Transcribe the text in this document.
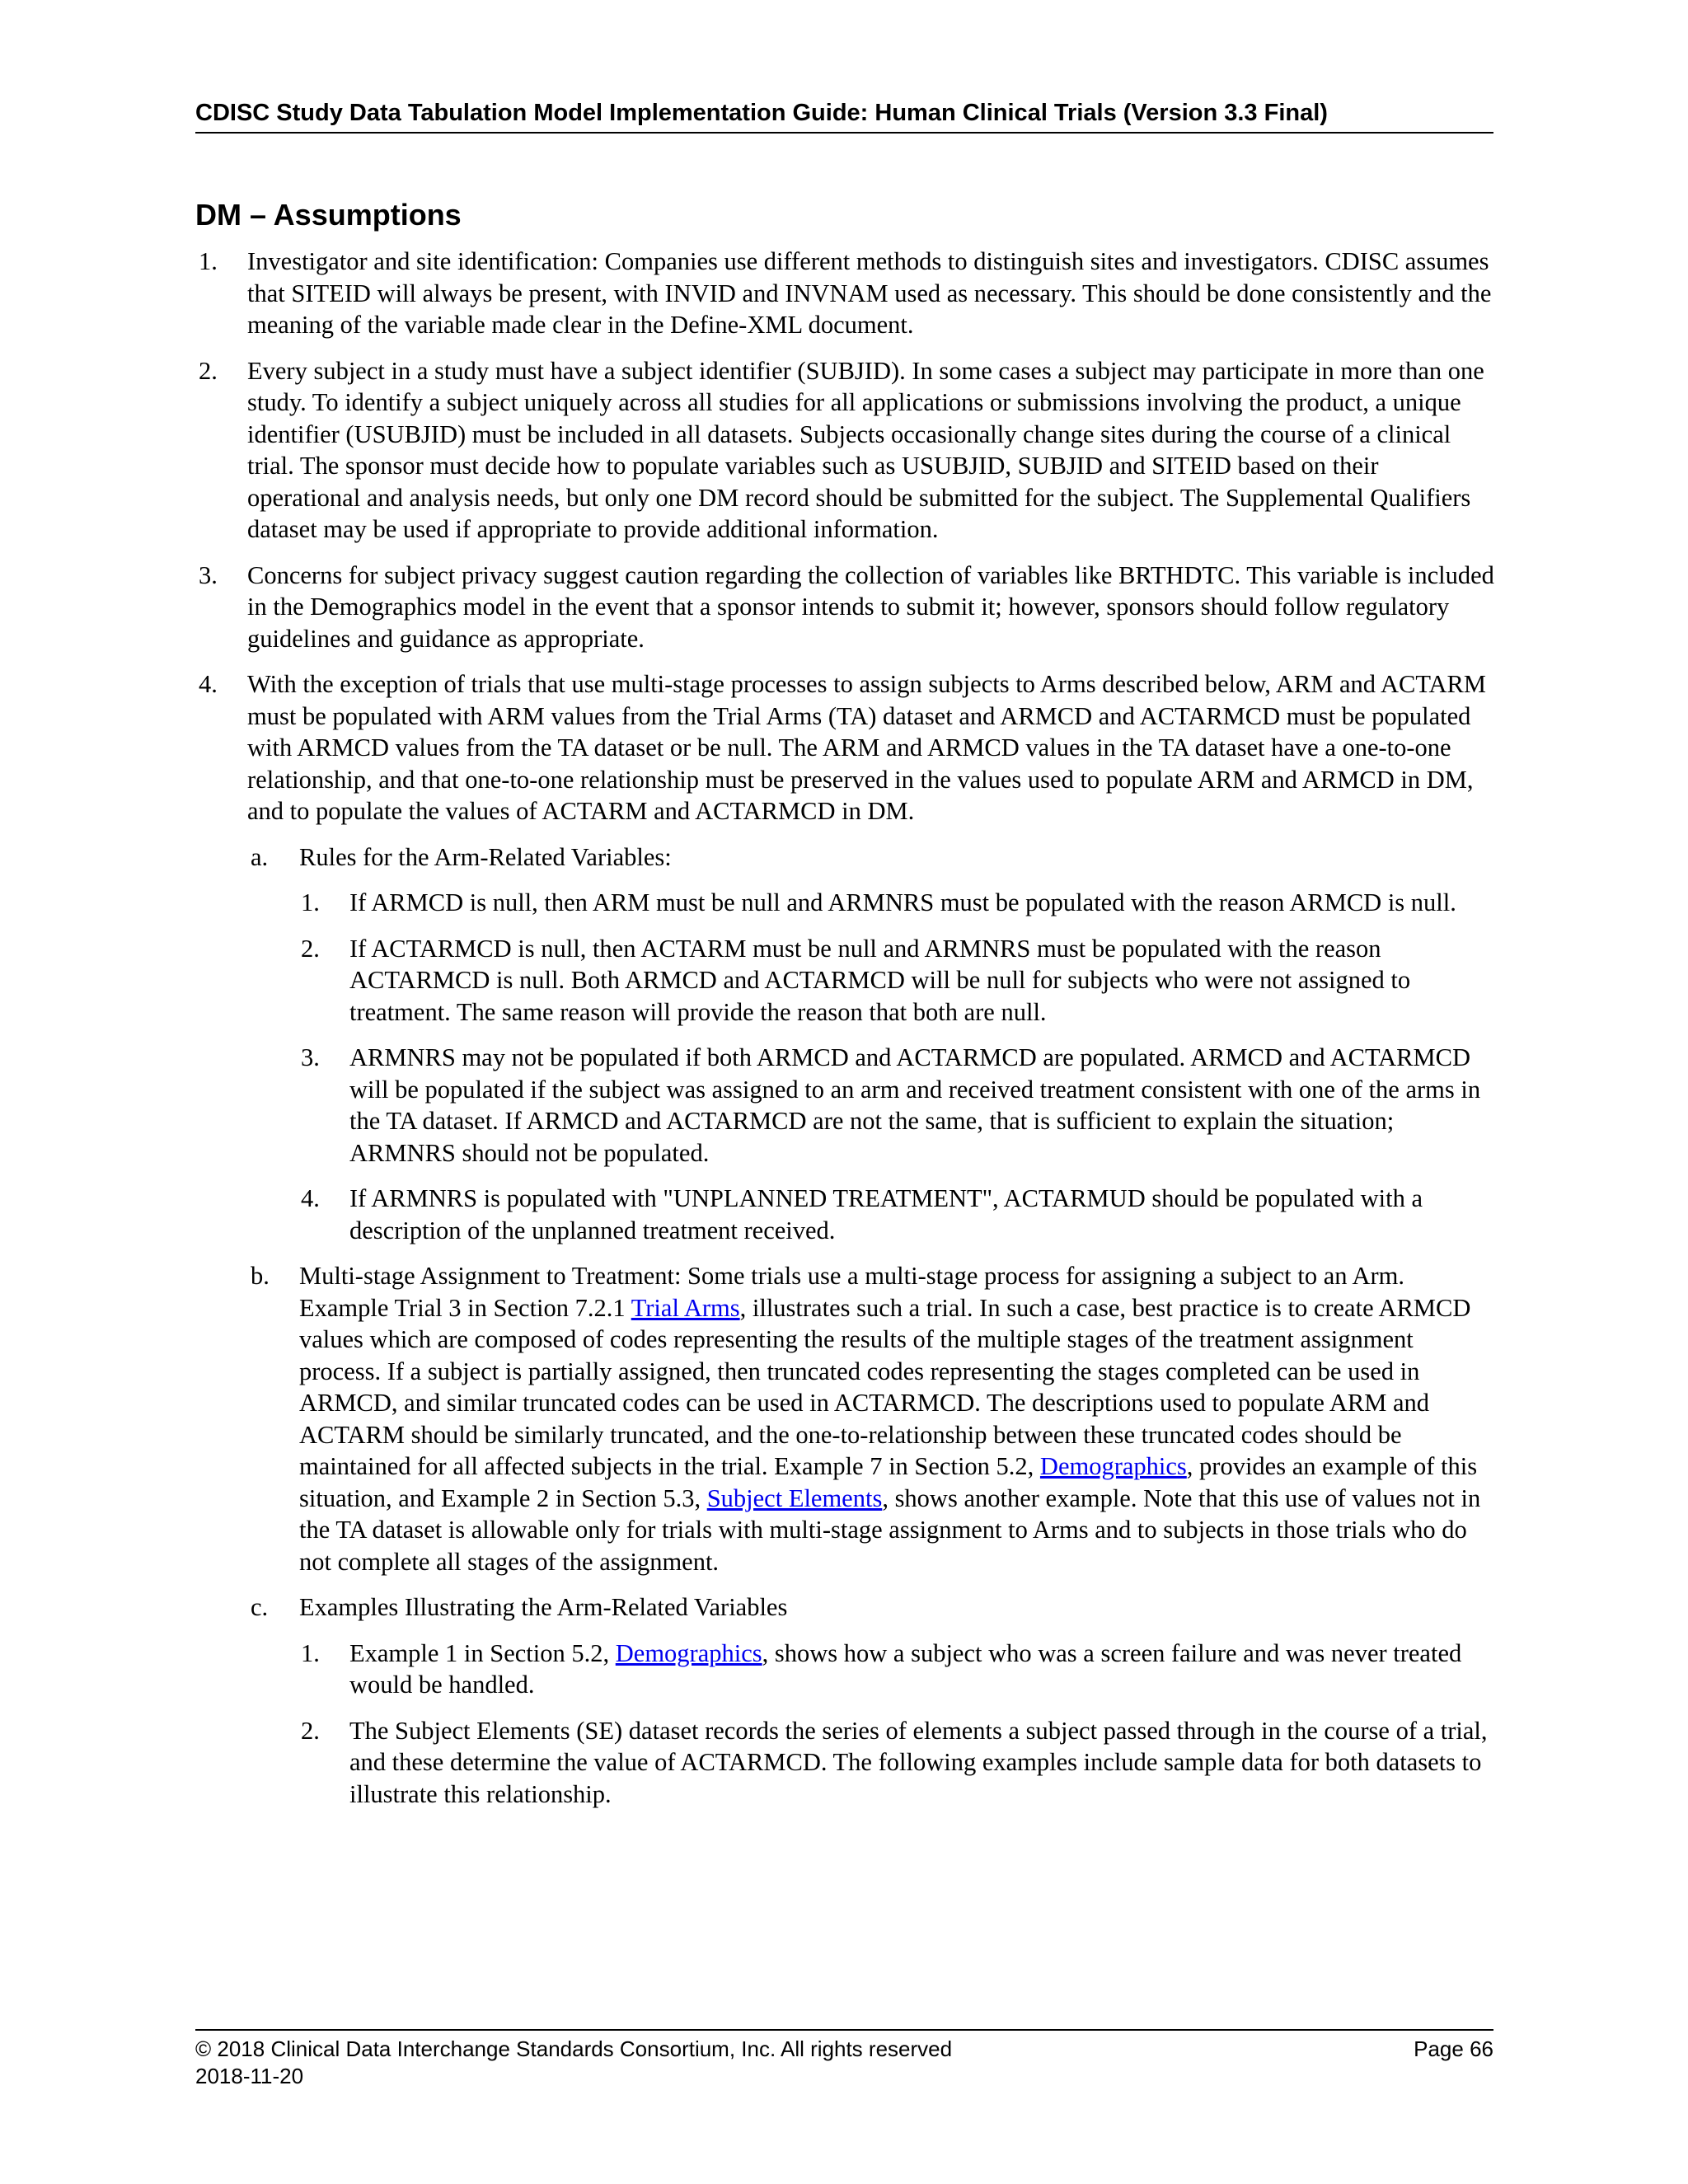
CDISC Study Data Tabulation Model Implementation Guide: Human Clinical Trials (Version 3.3 Final)
DM – Assumptions
1. Investigator and site identification: Companies use different methods to distinguish sites and investigators. CDISC assumes that SITEID will always be present, with INVID and INVNAM used as necessary. This should be done consistently and the meaning of the variable made clear in the Define-XML document.
2. Every subject in a study must have a subject identifier (SUBJID). In some cases a subject may participate in more than one study. To identify a subject uniquely across all studies for all applications or submissions involving the product, a unique identifier (USUBJID) must be included in all datasets. Subjects occasionally change sites during the course of a clinical trial. The sponsor must decide how to populate variables such as USUBJID, SUBJID and SITEID based on their operational and analysis needs, but only one DM record should be submitted for the subject. The Supplemental Qualifiers dataset may be used if appropriate to provide additional information.
3. Concerns for subject privacy suggest caution regarding the collection of variables like BRTHDTC. This variable is included in the Demographics model in the event that a sponsor intends to submit it; however, sponsors should follow regulatory guidelines and guidance as appropriate.
4. With the exception of trials that use multi-stage processes to assign subjects to Arms described below, ARM and ACTARM must be populated with ARM values from the Trial Arms (TA) dataset and ARMCD and ACTARMCD must be populated with ARMCD values from the TA dataset or be null. The ARM and ARMCD values in the TA dataset have a one-to-one relationship, and that one-to-one relationship must be preserved in the values used to populate ARM and ARMCD in DM, and to populate the values of ACTARM and ACTARMCD in DM.
a. Rules for the Arm-Related Variables:
1. If ARMCD is null, then ARM must be null and ARMNRS must be populated with the reason ARMCD is null.
2. If ACTARMCD is null, then ACTARM must be null and ARMNRS must be populated with the reason ACTARMCD is null. Both ARMCD and ACTARMCD will be null for subjects who were not assigned to treatment. The same reason will provide the reason that both are null.
3. ARMNRS may not be populated if both ARMCD and ACTARMCD are populated. ARMCD and ACTARMCD will be populated if the subject was assigned to an arm and received treatment consistent with one of the arms in the TA dataset. If ARMCD and ACTARMCD are not the same, that is sufficient to explain the situation; ARMNRS should not be populated.
4. If ARMNRS is populated with "UNPLANNED TREATMENT", ACTARMUD should be populated with a description of the unplanned treatment received.
b. Multi-stage Assignment to Treatment: Some trials use a multi-stage process for assigning a subject to an Arm. Example Trial 3 in Section 7.2.1 Trial Arms, illustrates such a trial. In such a case, best practice is to create ARMCD values which are composed of codes representing the results of the multiple stages of the treatment assignment process. If a subject is partially assigned, then truncated codes representing the stages completed can be used in ARMCD, and similar truncated codes can be used in ACTARMCD. The descriptions used to populate ARM and ACTARM should be similarly truncated, and the one-to-relationship between these truncated codes should be maintained for all affected subjects in the trial. Example 7 in Section 5.2, Demographics, provides an example of this situation, and Example 2 in Section 5.3, Subject Elements, shows another example. Note that this use of values not in the TA dataset is allowable only for trials with multi-stage assignment to Arms and to subjects in those trials who do not complete all stages of the assignment.
c. Examples Illustrating the Arm-Related Variables
1. Example 1 in Section 5.2, Demographics, shows how a subject who was a screen failure and was never treated would be handled.
2. The Subject Elements (SE) dataset records the series of elements a subject passed through in the course of a trial, and these determine the value of ACTARMCD. The following examples include sample data for both datasets to illustrate this relationship.
© 2018 Clinical Data Interchange Standards Consortium, Inc. All rights reserved	Page 66
2018-11-20
